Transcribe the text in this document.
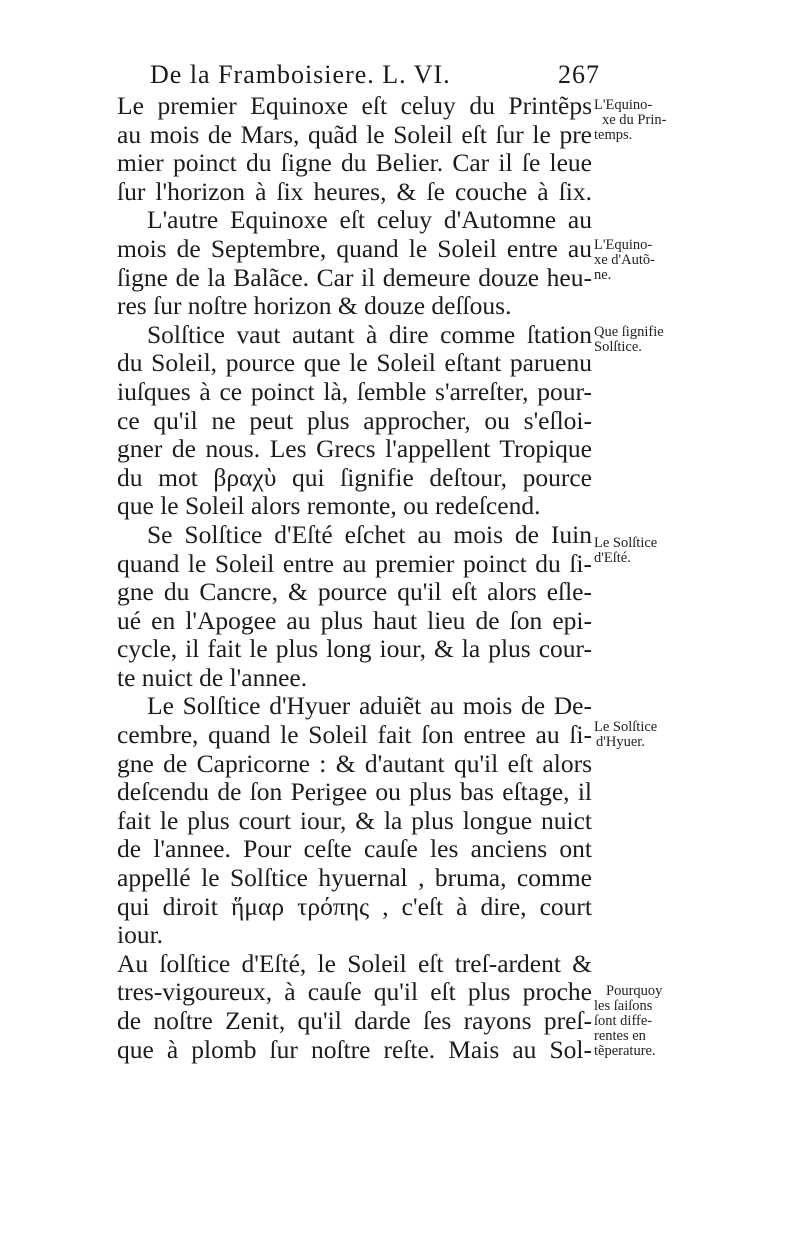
De la Framboisiere. L. VI.	267
Le premier Equinoxe eſt celuy du Printẽps
au mois de Mars, quãd le Soleil eſt ſur le pre
mier poinct du ſigne du Belier. Car il ſe leue
ſur l'horizon à ſix heures, & ſe couche à ſix.
L'autre Equinoxe eſt celuy d'Automne au
mois de Septembre, quand le Soleil entre au
ſigne de la Balãce. Car il demeure douze heu-
res ſur noſtre horizon & douze deſſous.
Solſtice vaut autant à dire comme ſtation
du Soleil, pource que le Soleil eſtant paruenu
iuſques à ce poinct là, ſemble s'arreſter, pour-
ce qu'il ne peut plus approcher, ou s'eſloi-
gner de nous. Les Grecs l'appellent Tropique
du mot βραχὺ qui ſignifie deſtour, pource
que le Soleil alors remonte, ou redeſcend.
Se Solſtice d'Eſté eſchet au mois de Iuin
quand le Soleil entre au premier poinct du ſi-
gne du Cancre, & pource qu'il eſt alors eſle-
ué en l'Apogee au plus haut lieu de ſon epi-
cycle, il fait le plus long iour, & la plus cour-
te nuict de l'annee.
Le Solſtice d'Hyuer aduiẽt au mois de De-
cembre, quand le Soleil fait ſon entree au ſi-
gne de Capricorne : & d'autant qu'il eſt alors
deſcendu de ſon Perigee ou plus bas eſtage, il
fait le plus court iour, & la plus longue nuict
de l'annee. Pour ceſte cauſe les anciens ont
appellé le Solſtice hyuernal , bruma, comme
qui diroit ἥμαρ τρόπης , c'eſt à dire, court
iour.
Au ſolſtice d'Eſté, le Soleil eſt treſ-ardent &
tres-vigoureux, à cauſe qu'il eſt plus proche
de noſtre Zenit, qu'il darde ſes rayons preſ-
que à plomb ſur noſtre reſte. Mais au Sol-
L'Equino-
xe du Prin-
temps.
L'Equino-
xe d'Autõ-
ne.
Que ſignifie
Solſtice.
Le Solſtice
d'Eſté.
Le Solſtice
d'Hyuer.
Pourquoy
les ſaiſons
ſont diffe-
rentes en
tẽperature.
